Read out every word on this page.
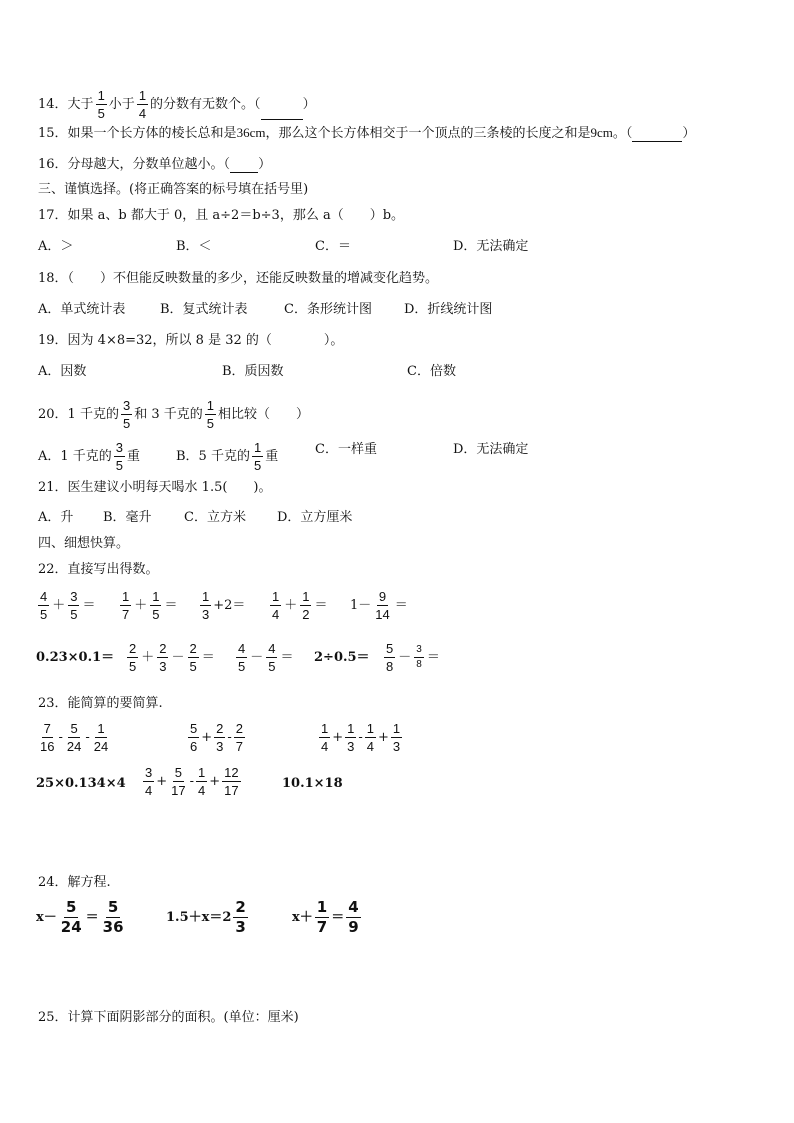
14．大于 $\frac{1}{5}$ 小于 $\frac{1}{4}$ 的分数有无数个。（	）
15．如果一个长方体的棱长总和是36cm，那么这个长方体相交于一个顶点的三条棱的长度之和是9cm。（	）
16．分母越大，分数单位越小。（ ）
三、谨慎选择。(将正确答案的标号填在括号里)
17．如果 a、b 都大于 0，且 a÷2＝b÷3，那么 a（　　）b。
A．＞	B．＜	C．＝	D．无法确定
18．（　　）不但能反映数量的多少，还能反映数量的增减变化趋势。
A．单式统计表	B．复式统计表	C．条形统计图 D．折线统计图
19．因为 4×8=32，所以 8 是 32 的（　　　　）。
A．因数	B．质因数	C．倍数
20．1 千克的 $\frac{3}{5}$ 和 3 千克的 $\frac{1}{5}$ 相比较（　　）
A．1 千克的 $\frac{3}{5}$ 重	B．5 千克的 $\frac{1}{5}$ 重	C．一样重	D．无法确定
21．医生建议小明每天喝水 1.5(　　)。
A．升 B．毫升 C．立方米 D．立方厘米
四、细想快算。
22．直接写出得数。
$\frac{4}{5} + \frac{3}{5} = \frac{1}{7} + \frac{1}{5} = \frac{1}{3} +2= \frac{1}{4} + \frac{1}{2} = 1- \frac{9}{14}$ ＝
$0.23\times 0.1= \frac{2}{5} + \frac{2}{3} - \frac{2}{5} = \frac{4}{5} - \frac{4}{5} = 2\div 0.5= \frac{5}{8} - \frac{3}{8}$ ＝
23．能简算的要简算.
$\frac{7}{16} - \frac{5}{24} - \frac{1}{24}$	$\frac{5}{6} + \frac{2}{3} - \frac{2}{7}$	$\frac{1}{4} + \frac{1}{3} - \frac{1}{4} + \frac{1}{3}$
$25\times 0.134\times 4 \frac{3}{4} + \frac{5}{17} - \frac{1}{4} + \frac{12}{17}$	10.1×18
24．解方程.
$x- \frac{5}{24} = \frac{5}{36}$	$1.5+x=2 \frac{2}{3}$	$x+ \frac{1}{7} = \frac{4}{9}$
25．计算下面阴影部分的面积。(单位：厘米)
